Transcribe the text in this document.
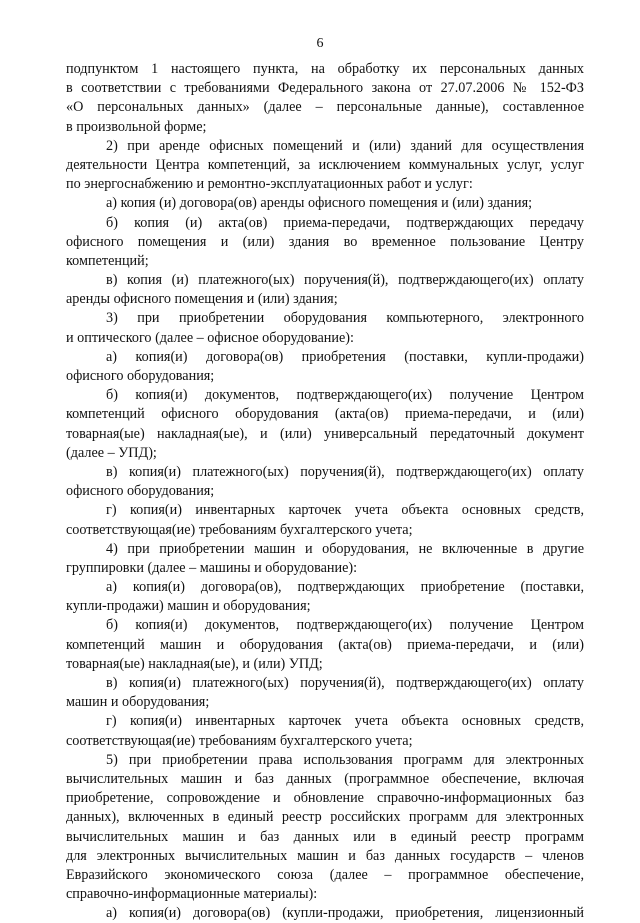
6
подпунктом 1 настоящего пункта, на обработку их персональных данных
в соответствии с требованиями Федерального закона от 27.07.2006 № 152-ФЗ
«О персональных данных» (далее – персональные данные), составленное
в произвольной форме;
2) при аренде офисных помещений и (или) зданий для осуществления
деятельности Центра компетенций, за исключением коммунальных услуг, услуг
по энергоснабжению и ремонтно-эксплуатационных работ и услуг:
а) копия (и) договора(ов) аренды офисного помещения и (или) здания;
б) копия (и) акта(ов) приема-передачи, подтверждающих передачу
офисного помещения и (или) здания во временное пользование Центру
компетенций;
в) копия (и) платежного(ых) поручения(й), подтверждающего(их) оплату
аренды офисного помещения и (или) здания;
3) при приобретении оборудования компьютерного, электронного
и оптического (далее – офисное оборудование):
а) копия(и) договора(ов) приобретения (поставки, купли-продажи)
офисного оборудования;
б) копия(и) документов, подтверждающего(их) получение Центром
компетенций офисного оборудования (акта(ов) приема-передачи, и (или)
товарная(ые) накладная(ые), и (или) универсальный передаточный документ
(далее – УПД);
в) копия(и) платежного(ых) поручения(й), подтверждающего(их) оплату
офисного оборудования;
г) копия(и) инвентарных карточек учета объекта основных средств,
соответствующая(ие) требованиям бухгалтерского учета;
4) при приобретении машин и оборудования, не включенные в другие
группировки (далее – машины и оборудование):
а) копия(и) договора(ов), подтверждающих приобретение (поставки,
купли-продажи) машин и оборудования;
б) копия(и) документов, подтверждающего(их) получение Центром
компетенций машин и оборудования (акта(ов) приема-передачи, и (или)
товарная(ые) накладная(ые), и (или) УПД;
в) копия(и) платежного(ых) поручения(й), подтверждающего(их) оплату
машин и оборудования;
г) копия(и) инвентарных карточек учета объекта основных средств,
соответствующая(ие) требованиям бухгалтерского учета;
5) при приобретении права использования программ для электронных
вычислительных машин и баз данных (программное обеспечение, включая
приобретение, сопровождение и обновление справочно-информационных баз
данных), включенных в единый реестр российских программ для электронных
вычислительных машин и баз данных или в единый реестр программ
для электронных вычислительных машин и баз данных государств – членов
Евразийского экономического союза (далее – программное обеспечение,
справочно-информационные материалы):
а) копия(и) договора(ов) (купли-продажи, приобретения, лицензионный
